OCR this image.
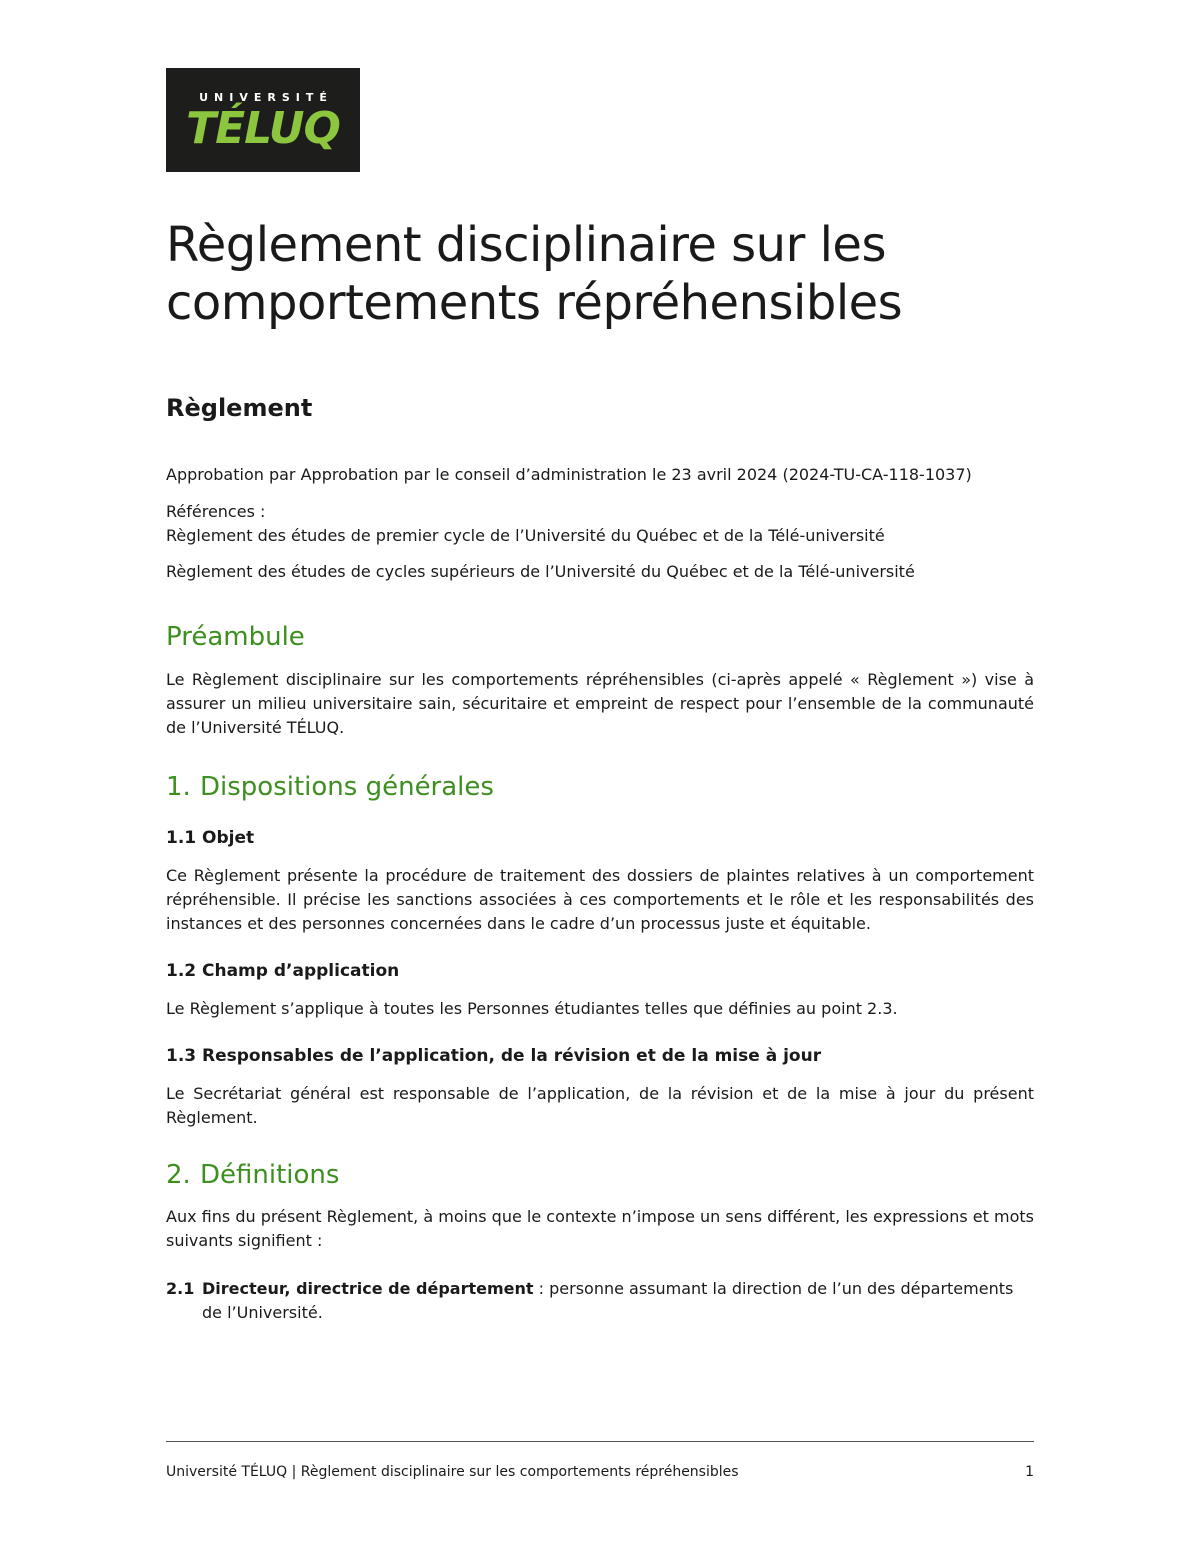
UNIVERSITÉ
TÉLUQ
Règlement disciplinaire sur les
comportements répréhensibles
Règlement

Approbation par Approbation par le conseil d’administration le 23 avril 2024 (2024-TU-CA-118-1037)

Références :
Règlement des études de premier cycle de l’Université du Québec et de la Télé-université

Règlement des études de cycles supérieurs de l’Université du Québec et de la Télé-université

Préambule

Le Règlement disciplinaire sur les comportements répréhensibles (ci-après appelé « Règlement ») vise à assurer un milieu universitaire sain, sécuritaire et empreint de respect pour l’ensemble de la communauté de l’Université TÉLUQ.

1. Dispositions générales
1.1 Objet

Ce Règlement présente la procédure de traitement des dossiers de plaintes relatives à un comportement répréhensible. Il précise les sanctions associées à ces comportements et le rôle et les responsabilités des instances et des personnes concernées dans le cadre d’un processus juste et équitable.

1.2 Champ d’application

Le Règlement s’applique à toutes les Personnes étudiantes telles que définies au point 2.3.

1.3 Responsables de l’application, de la révision et de la mise à jour

Le Secrétariat général est responsable de l’application, de la révision et de la mise à jour du présent Règlement.

2. Définitions

Aux fins du présent Règlement, à moins que le contexte n’impose un sens différent, les expressions et mots suivants signifient :

2.1 Directeur, directrice de département : personne assumant la direction de l’un des départements de l’Université.
Université TÉLUQ | Règlement disciplinaire sur les comportements répréhensibles	1
